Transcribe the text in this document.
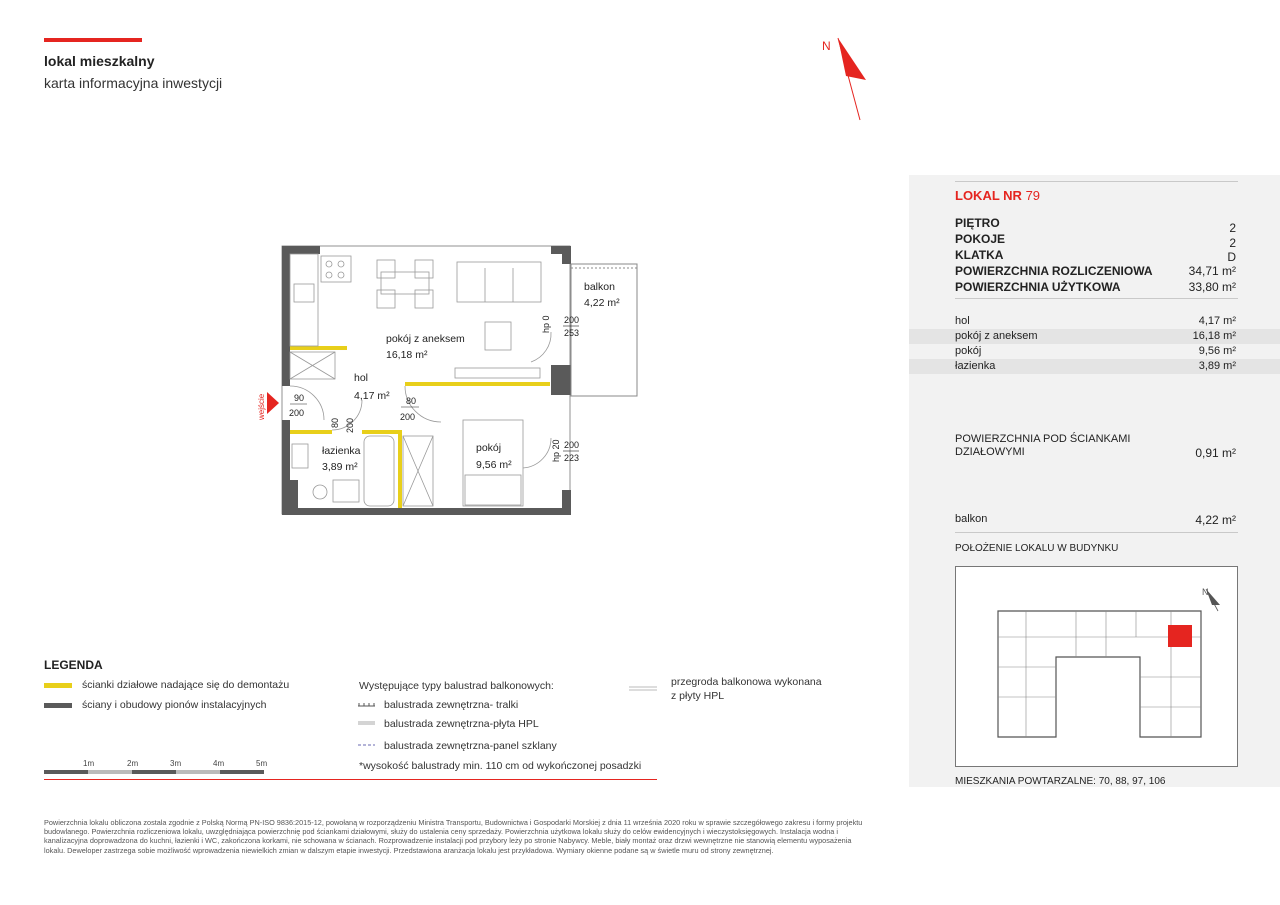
lokal mieszkalny
karta informacyjna inwestycji
N
wejście
balkon
4,22 m²
pokój z aneksem
16,18 m²
hol
4,17 m²
łazienka
3,89 m²
pokój
9,56 m²
90
200
80
200
80 200
hp 0 200
253
hp 20 200
223
LOKAL NR 79
PIĘTRO	2
POKOJE	2
KLATKA	D
POWIERZCHNIA ROZLICZENIOWA	34,71 m²
POWIERZCHNIA UŻYTKOWA	33,80 m²
hol	4,17 m²
pokój z aneksem	16,18 m²
pokój	9,56 m²
łazienka	3,89 m²
POWIERZCHNIA POD ŚCIANKAMI
DZIAŁOWYMI	0,91 m²
balkon	4,22 m²
POŁOŻENIE LOKALU W BUDYNKU
N
MIESZKANIA POWTARZALNE: 70, 88, 97, 106
LEGENDA
ścianki działowe nadające się do demontażu
ściany i obudowy pionów instalacyjnych
Występujące typy balustrad balkonowych:
balustrada zewnętrzna- tralki
balustrada zewnętrzna-płyta HPL
balustrada zewnętrzna-panel szklany
*wysokość balustrady min. 110 cm od wykończonej posadzki
przegroda balkonowa wykonana
z płyty HPL
1m	2m	3m	4m	5m
Powierzchnia lokalu obliczona zostala zgodnie z Polską Normą PN-ISO 9836:2015-12, powołaną w rozporządzeniu Ministra Transportu, Budownictwa i Gospodarki Morskiej z dnia 11 września 2020 roku w sprawie szczegółowego zakresu i formy projektu budowlanego. Powierzchnia rozliczeniowa lokalu, uwzględniająca powierzchnię pod ściankami działowymi, służy do ustalenia ceny sprzedaży. Powierzchnia użytkowa lokalu służy do celów ewidencyjnych i wieczystoksięgowych. Instalacja wodna i kanalizacyjna doprowadzona do kuchni, łazienki i WC, zakończona korkami, nie schowana w ścianach. Rozprowadzenie instalacji pod przybory leży po stronie Nabywcy. Meble, biały montaż oraz drzwi wewnętrzne nie stanowią elementu wyposażenia lokalu. Deweloper zastrzega sobie możliwość wprowadzenia niewielkich zmian w dalszym etapie inwestycji. Przedstawiona aranżacja lokalu jest przykładowa. Wymiary okienne podane są w świetle muru od strony zewnętrznej.
